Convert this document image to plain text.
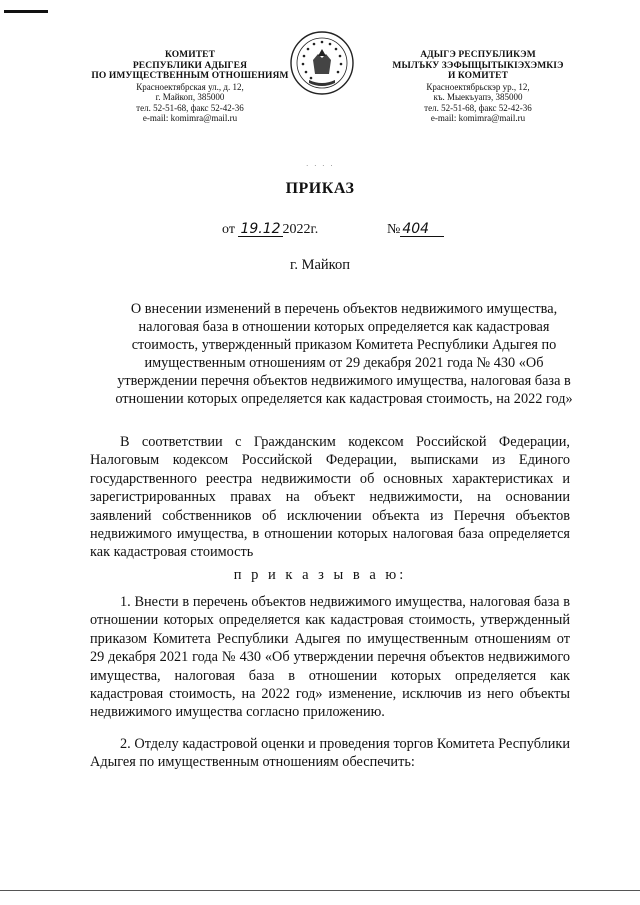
КОМИТЕТ
РЕСПУБЛИКИ АДЫГЕЯ
ПО ИМУЩЕСТВЕННЫМ ОТНОШЕНИЯМ
Красноектябрская ул., д. 12,
г. Майкоп, 385000
тел. 52-51-68, факс 52-42-36
e-mail: komimra@mail.ru
АДЫГЭ РЕСПУБЛИКЭМ
МЫЛЪКУ ЗЭФЫЩЫТЫКІЭХЭМКІЭ
И КОМИТЕТ
Красноектябрьскэр ур., 12,
къ. Мыекъуапэ, 385000
тел. 52-51-68, факс 52-42-36
e-mail: komimra@mail.ru
· · · ·
ПРИКАЗ
от 19.12 2022г.	№ 404
г. Майкоп
О внесении изменений в перечень объектов недвижимого имущества, налоговая база в отношении которых определяется как кадастровая стоимость, утвержденный приказом Комитета Республики Адыгея по имущественным отношениям от 29 декабря 2021 года № 430 «Об утверждении перечня объектов недвижимого имущества, налоговая база в отношении которых определяется как кадастровая стоимость, на 2022 год»
В соответствии с Гражданским кодексом Российской Федерации, Налоговым кодексом Российской Федерации, выписками из Единого государственного реестра недвижимости об основных характеристиках и зарегистрированных правах на объект недвижимости, на основании заявлений собственников об исключении объекта из Перечня объектов недвижимого имущества, в отношении которых налоговая база определяется как кадастровая стоимость
п р и к а з ы в а ю:
1. Внести в перечень объектов недвижимого имущества, налоговая база в отношении которых определяется как кадастровая стоимость, утвержденный приказом Комитета Республики Адыгея по имущественным отношениям от 29 декабря 2021 года № 430 «Об утверждении перечня объектов недвижимого имущества, налоговая база в отношении которых определяется как кадастровая стоимость, на 2022 год» изменение, исключив из него объекты недвижимого имущества согласно приложению.
2. Отделу кадастровой оценки и проведения торгов Комитета Республики Адыгея по имущественным отношениям обеспечить:
